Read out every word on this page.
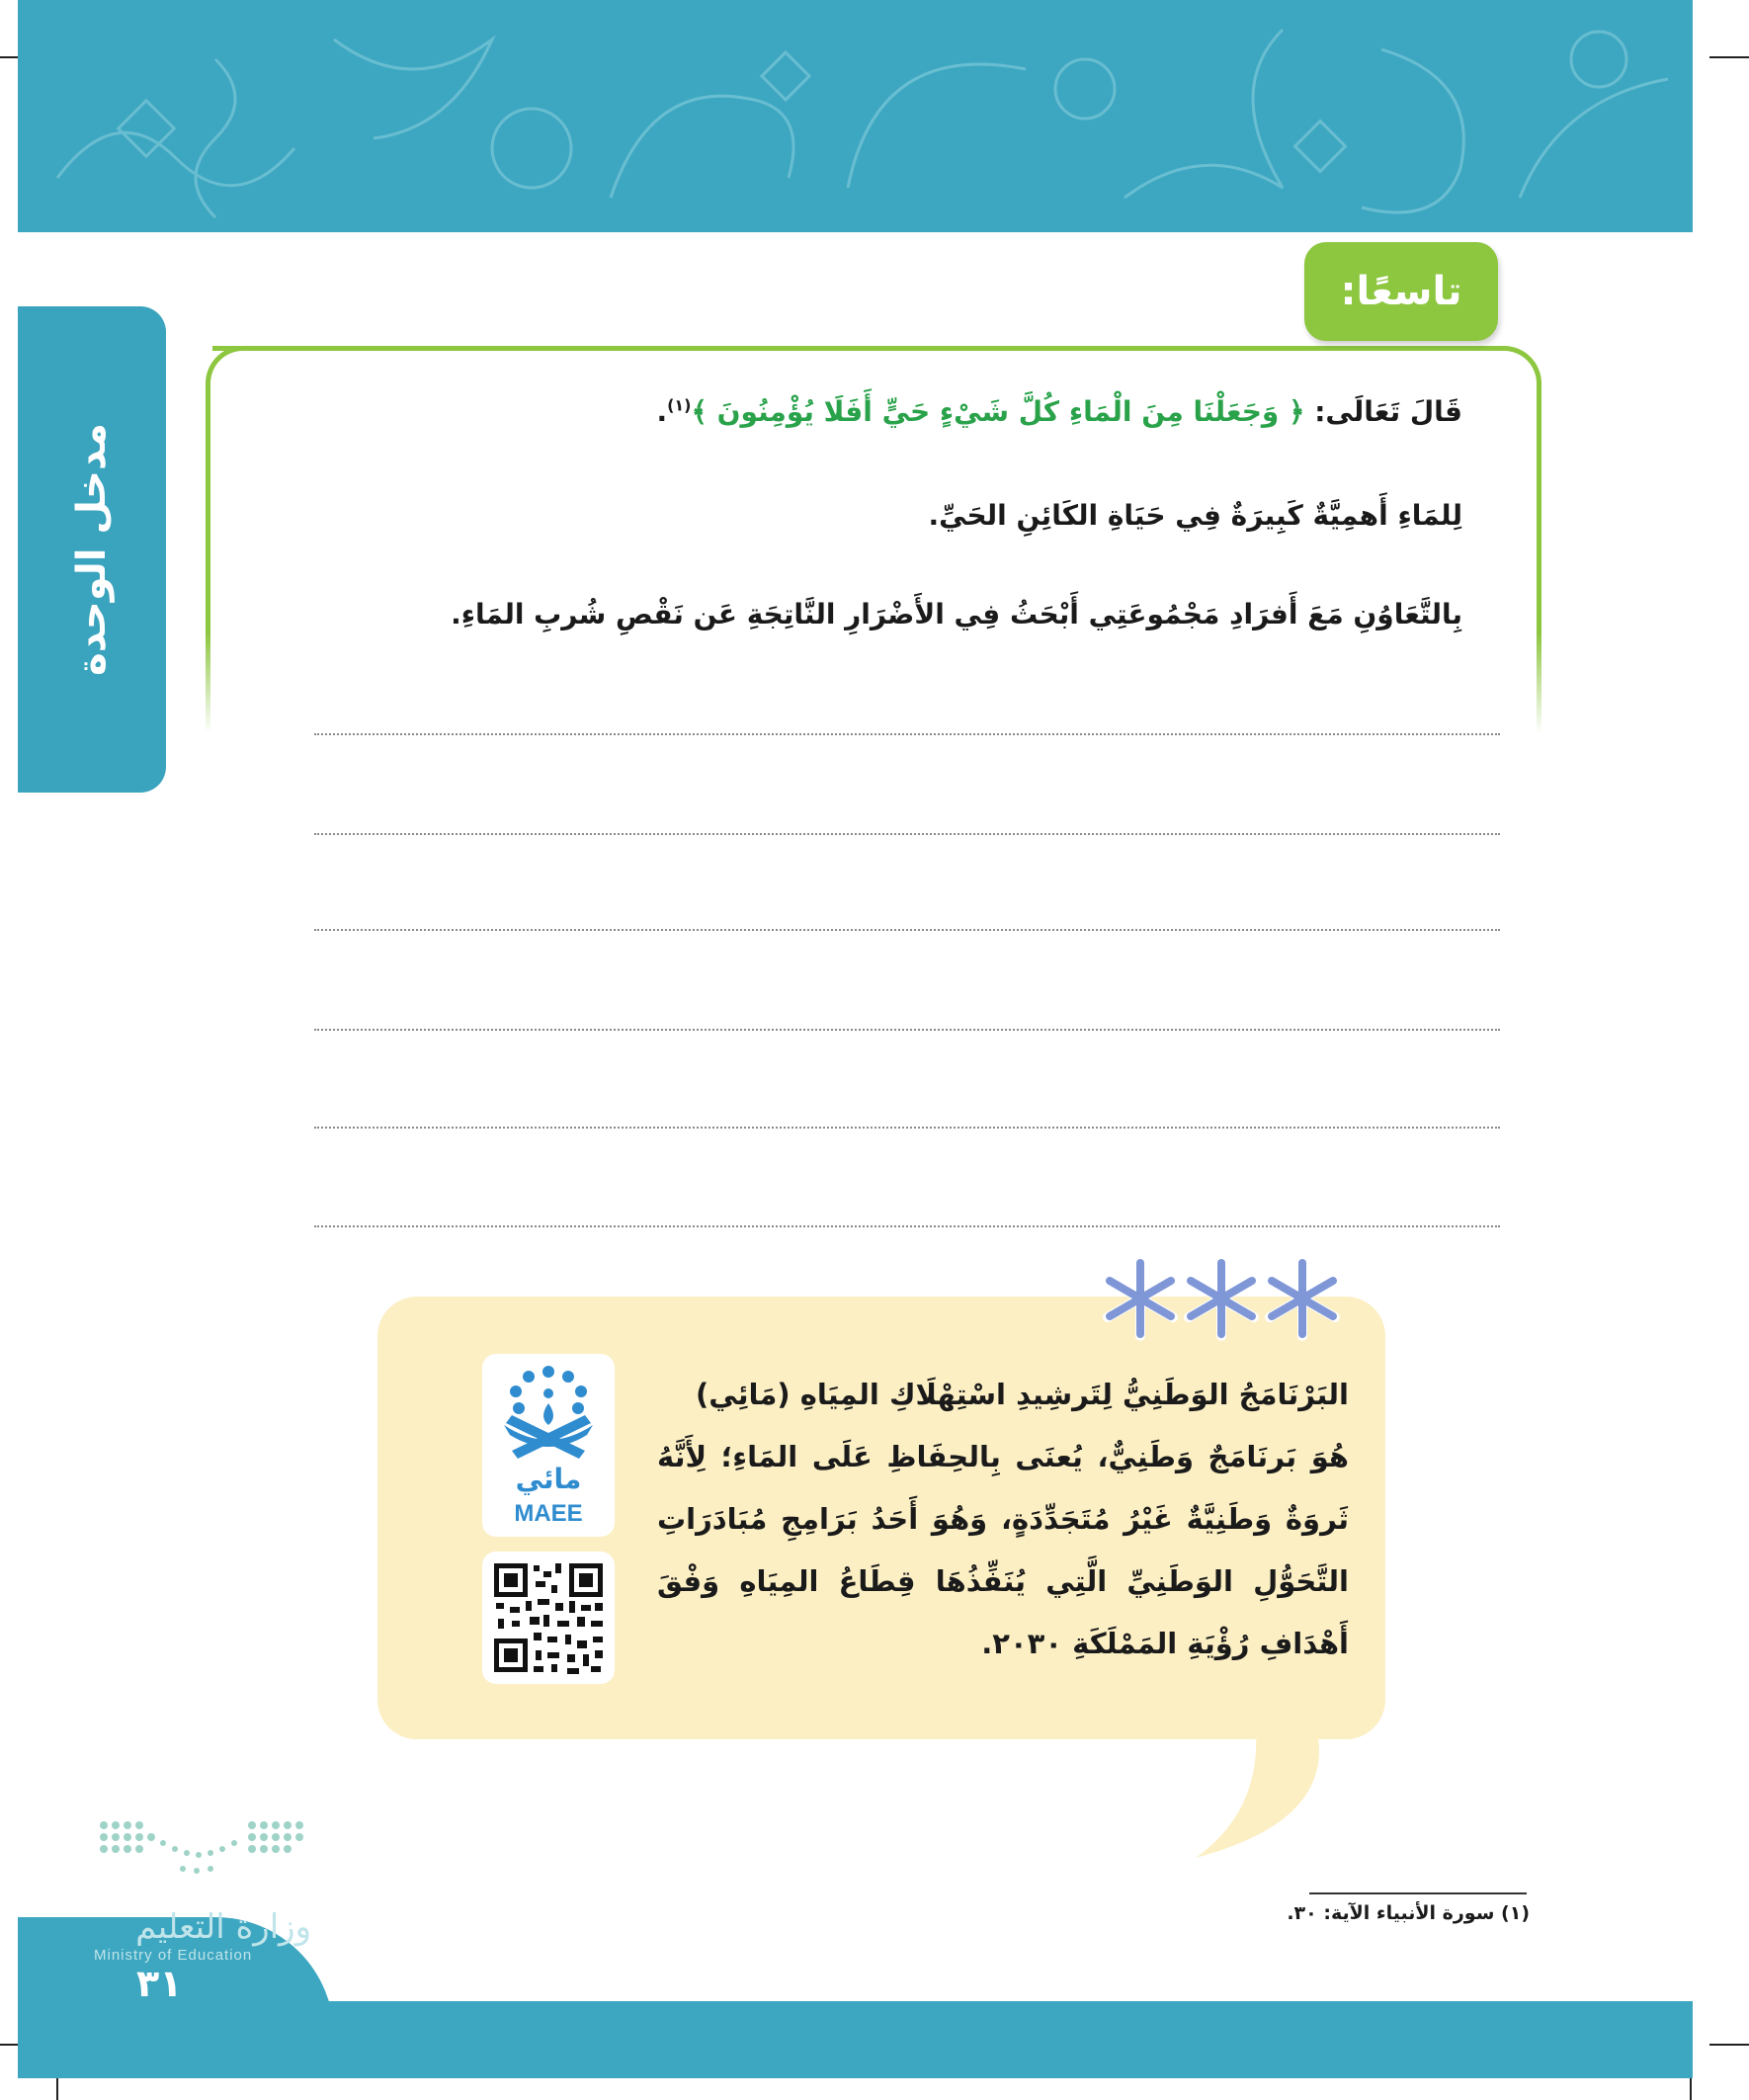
مدخل الوحدة
تاسعًا:
قَالَ تَعَالَى: ﴿ وَجَعَلْنَا مِنَ الْمَاءِ كُلَّ شَيْءٍ حَيٍّ أَفَلَا يُؤْمِنُونَ ﴾$^{(١)}$.
لِلمَاءِ أَهمِيَّةٌ كَبِيرَةٌ فِي حَيَاةِ الكَائِنِ الحَيِّ.
بِالتَّعَاوُنِ مَعَ أَفرَادِ مَجْمُوعَتِي أَبْحَثُ فِي الأَضْرَارِ النَّاتِجَةِ عَن نَقْصِ شُربِ المَاءِ.
البَرْنَامَجُ الوَطَنِيُّ لِتَرشِيدِ اسْتِهْلَاكِ المِيَاهِ (مَائِي)
هُوَ بَرنَامَجٌ وَطَنِيٌّ، يُعنَى بِالحِفَاظِ عَلَى المَاءِ؛ لِأَنَّهُ ثَروَةٌ وَطَنِيَّةٌ غَيْرُ مُتَجَدِّدَةٍ، وَهُوَ أَحَدُ بَرَامِجِ مُبَادَرَاتِ التَّحَوُّلِ الوَطَنِيِّ الَّتِي يُنَفِّذُهَا قِطَاعُ المِيَاهِ وَفْقَ أَهْدَافِ رُؤْيَةِ المَمْلَكَةِ ٢٠٣٠.
مائي
MAEE
(١) سورة الأنبياء الآية: ٣٠.
وزارة التعليم
Ministry of Education
٣١
